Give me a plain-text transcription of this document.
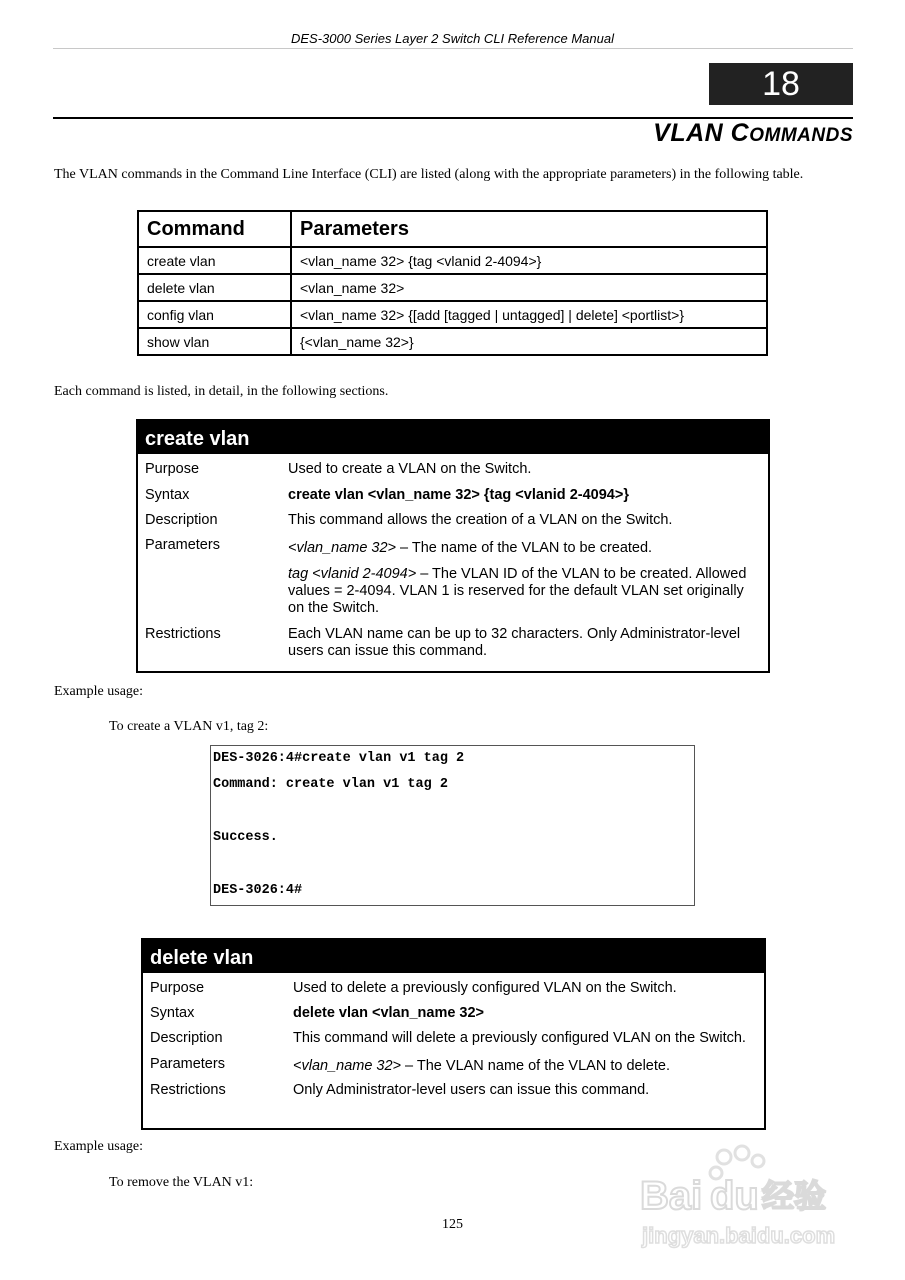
DES-3000 Series Layer 2 Switch CLI Reference Manual
18
VLAN COMMANDS
The VLAN commands in the Command Line Interface (CLI) are listed (along with the appropriate parameters) in the following table.
Command	Parameters
create vlan	<vlan_name 32> {tag <vlanid 2-4094>}
delete vlan	<vlan_name 32>
config vlan	<vlan_name 32> {[add [tagged | untagged] | delete] <portlist>}
show vlan	{<vlan_name 32>}
Each command is listed, in detail, in the following sections.
create vlan
Purpose	Used to create a VLAN on the Switch.
Syntax	create vlan <vlan_name 32> {tag <vlanid 2-4094>}
Description	This command allows the creation of a VLAN on the Switch.
Parameters	<vlan_name 32> – The name of the VLAN to be created.

tag <vlanid 2-4094> – The VLAN ID of the VLAN to be created. Allowed values = 2-4094. VLAN 1 is reserved for the default VLAN set originally on the Switch.

Restrictions	Each VLAN name can be up to 32 characters. Only Administrator-level users can issue this command.
Example usage:
To create a VLAN v1, tag 2:
DES-3026:4#create vlan v1 tag 2
Command: create vlan v1 tag 2
Success.
DES-3026:4#
delete vlan
Purpose	Used to delete a previously configured VLAN on the Switch.
Syntax	delete vlan <vlan_name 32>
Description	This command will delete a previously configured VLAN on the Switch.
Parameters	<vlan_name 32> – The VLAN name of the VLAN to delete.
Restrictions	Only Administrator-level users can issue this command.
Example usage:
To remove the VLAN v1:
125
Bai du 经验
jingyan.baidu.com
